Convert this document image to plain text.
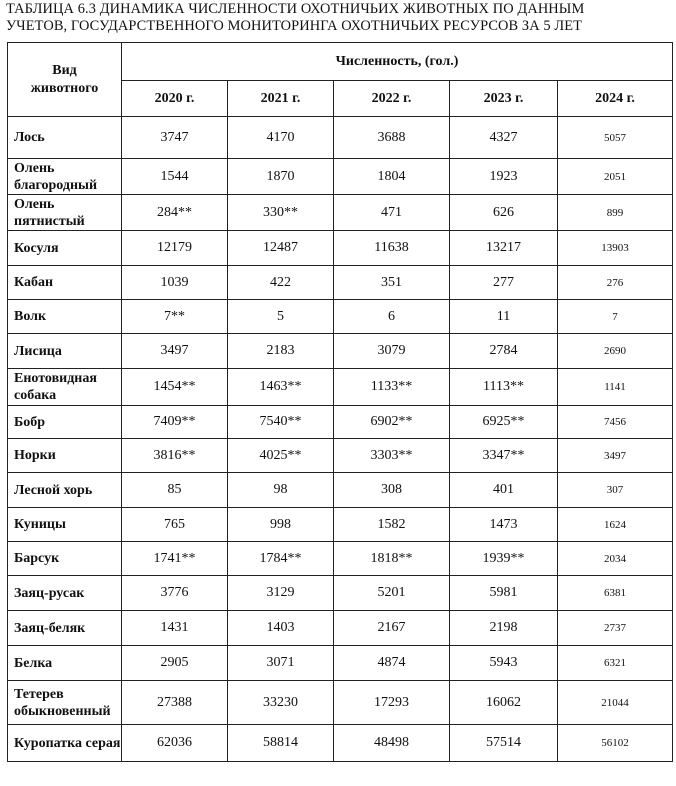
ТАБЛИЦА 6.3 ДИНАМИКА ЧИСЛЕННОСТИ ОХОТНИЧЬИХ ЖИВОТНЫХ ПО ДАННЫМ
УЧЕТОВ, ГОСУДАРСТВЕННОГО МОНИТОРИНГА ОХОТНИЧЬИХ РЕСУРСОВ ЗА 5 ЛЕТ
Вид животного	Численность, (гол.)				
	2020 г.	2021 г.	2022 г.	2023 г.	2024 г.
Лось	3747	4170	3688	4327	5057
Олень благородный	1544	1870	1804	1923	2051
Олень пятнистый	284**	330**	471	626	899
Косуля	12179	12487	11638	13217	13903
Кабан	1039	422	351	277	276
Волк	7**	5	6	11	7
Лисица	3497	2183	3079	2784	2690
Енотовидная собака	1454**	1463**	1133**	1113**	1141
Бобр	7409**	7540**	6902**	6925**	7456
Норки	3816**	4025**	3303**	3347**	3497
Лесной хорь	85	98	308	401	307
Куницы	765	998	1582	1473	1624
Барсук	1741**	1784**	1818**	1939**	2034
Заяц-русак	3776	3129	5201	5981	6381
Заяц-беляк	1431	1403	2167	2198	2737
Белка	2905	3071	4874	5943	6321
Тетерев обыкновенный	27388	33230	17293	16062	21044
Куропатка серая	62036	58814	48498	57514	56102
